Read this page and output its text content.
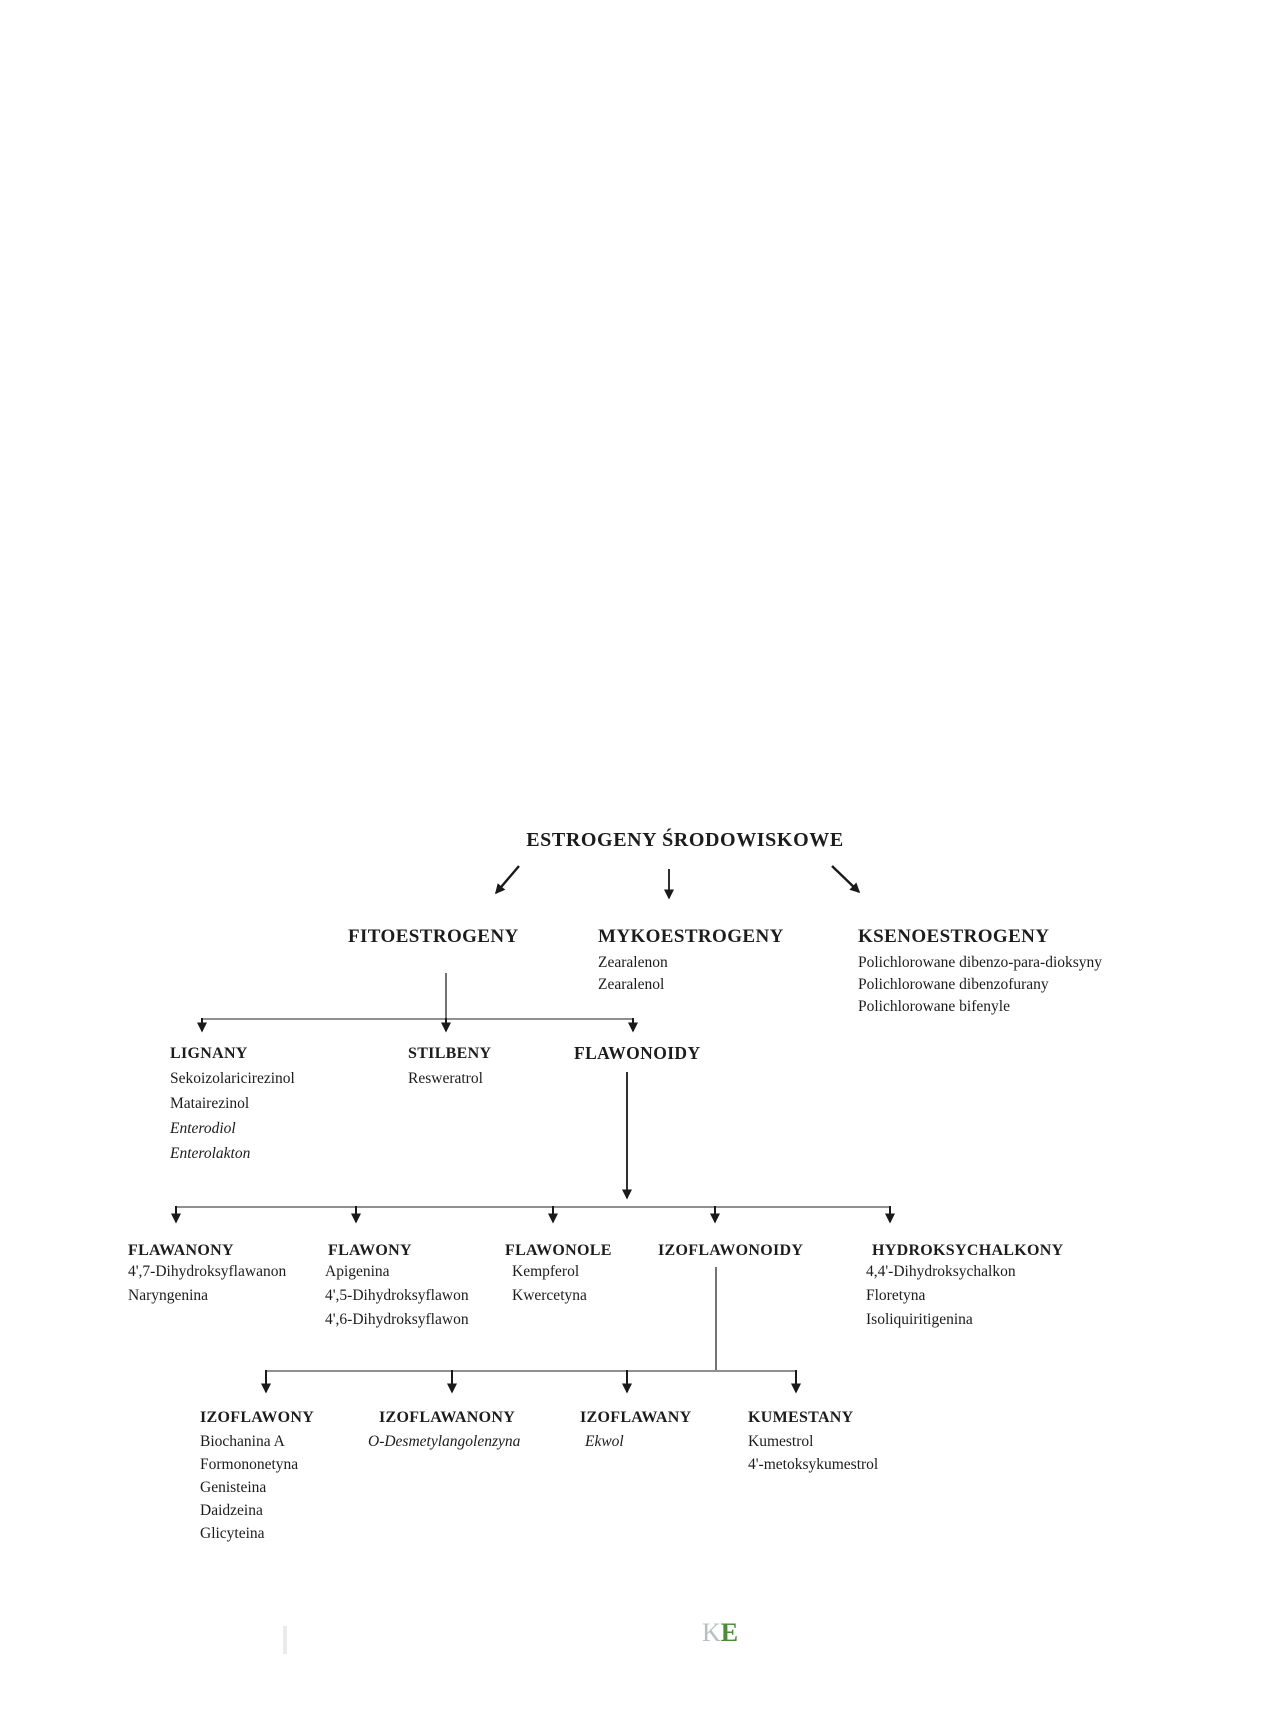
ESTROGENY ŚRODOWISKOWE
FITOESTROGENY	MYKOESTROGENY
Zearalenon
Zearalenol
KSENOESTROGENY
Polichlorowane dibenzo-para-dioksyny
Polichlorowane dibenzofurany
Polichlorowane bifenyle
LIGNANY
Sekoizolaricirezinol
Matairezinol
Enterodiol
Enterolakton
STILBENY
Resweratrol
FLAWONOIDY
FLAWANONY
4',7-Dihydroksyflawanon
Naryngenina
FLAWONY
Apigenina
4',5-Dihydroksyflawon
4',6-Dihydroksyflawon
FLAWONOLE
Kempferol
Kwercetyna
IZOFLAWONOIDY	HYDROKSYCHALKONY
4,4'-Dihydroksychalkon
Floretyna
Isoliquiritigenina
IZOFLAWONY
Biochanina A
Formononetyna
Genisteina
Daidzeina
Glicyteina
IZOFLAWANONY
O-Desmetylangolenzyna
IZOFLAWANY
Ekwol
KUMESTANY
Kumestrol
4'-metoksykumestrol
KE
